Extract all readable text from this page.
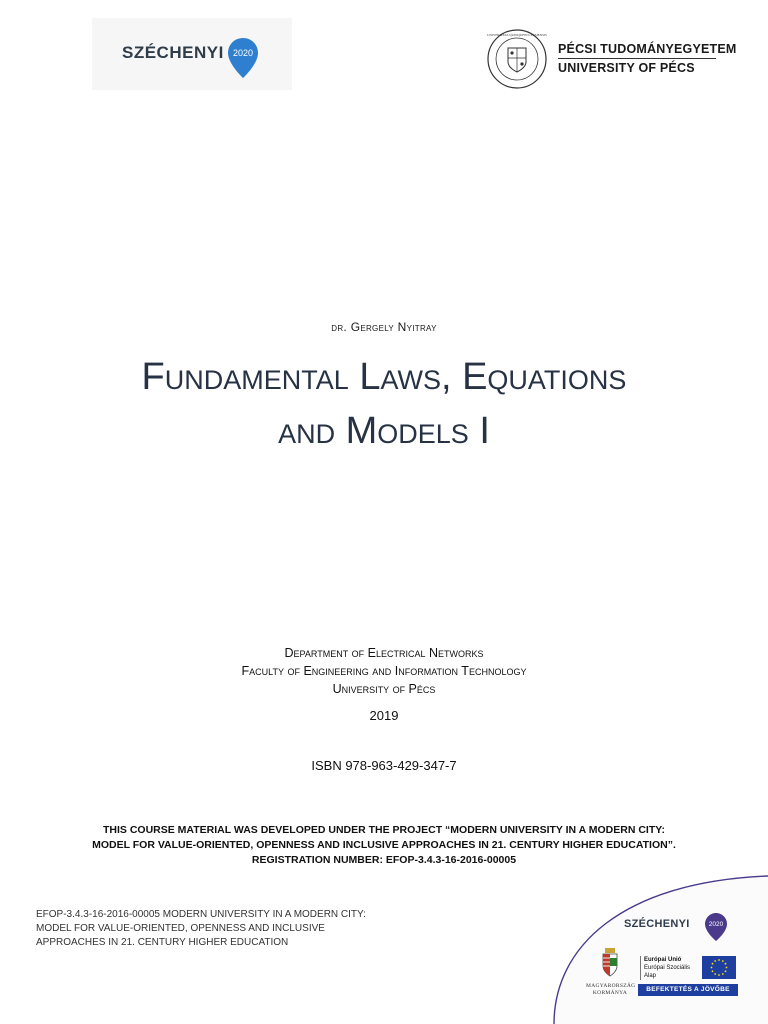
SZÉCHENYI 2020
UNIVERSITAS QUINQUEECCLESIENSIS
PÉCSI TUDOMÁNYEGYETEM
UNIVERSITY OF PÉCS
dr. Gergely Nyitray
Fundamental Laws, Equations
and Models I
Department of Electrical Networks
Faculty of Engineering and Information Technology
University of Pécs
2019
ISBN 978-963-429-347-7
THIS COURSE MATERIAL WAS DEVELOPED UNDER THE PROJECT “MODERN UNIVERSITY IN A MODERN CITY: MODEL FOR VALUE-ORIENTED, OPENNESS AND INCLUSIVE APPROACHES IN 21. CENTURY HIGHER EDUCATION”. REGISTRATION NUMBER: EFOP-3.4.3-16-2016-00005
EFOP-3.4.3-16-2016-00005 MODERN UNIVERSITY IN A MODERN CITY:
MODEL FOR VALUE-ORIENTED, OPENNESS AND INCLUSIVE
APPROACHES IN 21. CENTURY HIGHER EDUCATION
SZÉCHENYI	2020
MAGYARORSZÁG
KORMÁNYA
Európai Unió
Európai Szociális
Alap
BEFEKTETÉS A JÖVŐBE
